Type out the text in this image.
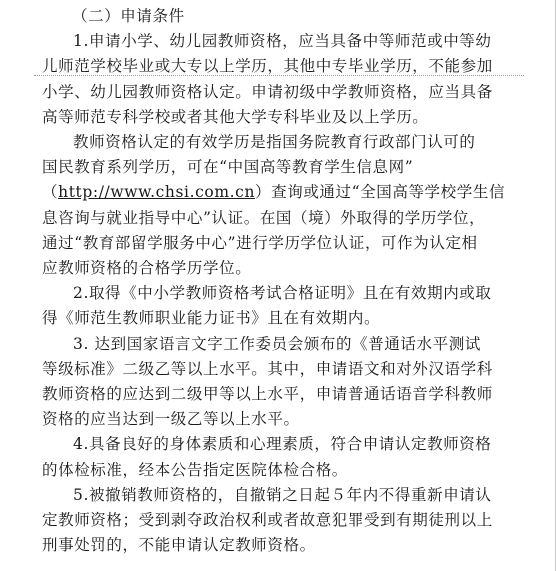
（二）申请条件
1.申请小学、幼儿园教师资格，应当具备中等师范或中等幼
儿师范学校毕业或大专以上学历，其他中专毕业学历，不能参加
小学、幼儿园教师资格认定。申请初级中学教师资格，应当具备
高等师范专科学校或者其他大学专科毕业及以上学历。
教师资格认定的有效学历是指国务院教育行政部门认可的
国民教育系列学历，可在“中国高等教育学生信息网”
（http://www.chsi.com.cn）查询或通过“全国高等学校学生信
息咨询与就业指导中心”认证。在国（境）外取得的学历学位，
通过“教育部留学服务中心”进行学历学位认证，可作为认定相
应教师资格的合格学历学位。
2.取得《中小学教师资格考试合格证明》且在有效期内或取
得《师范生教师职业能力证书》且在有效期内。
3. 达到国家语言文字工作委员会颁布的《普通话水平测试
等级标准》二级乙等以上水平。其中，申请语文和对外汉语学科
教师资格的应达到二级甲等以上水平，申请普通话语音学科教师
资格的应当达到一级乙等以上水平。
4.具备良好的身体素质和心理素质，符合申请认定教师资格
的体检标准，经本公告指定医院体检合格。
5.被撤销教师资格的，自撤销之日起５年内不得重新申请认
定教师资格；受到剥夺政治权利或者故意犯罪受到有期徒刑以上
刑事处罚的，不能申请认定教师资格。
